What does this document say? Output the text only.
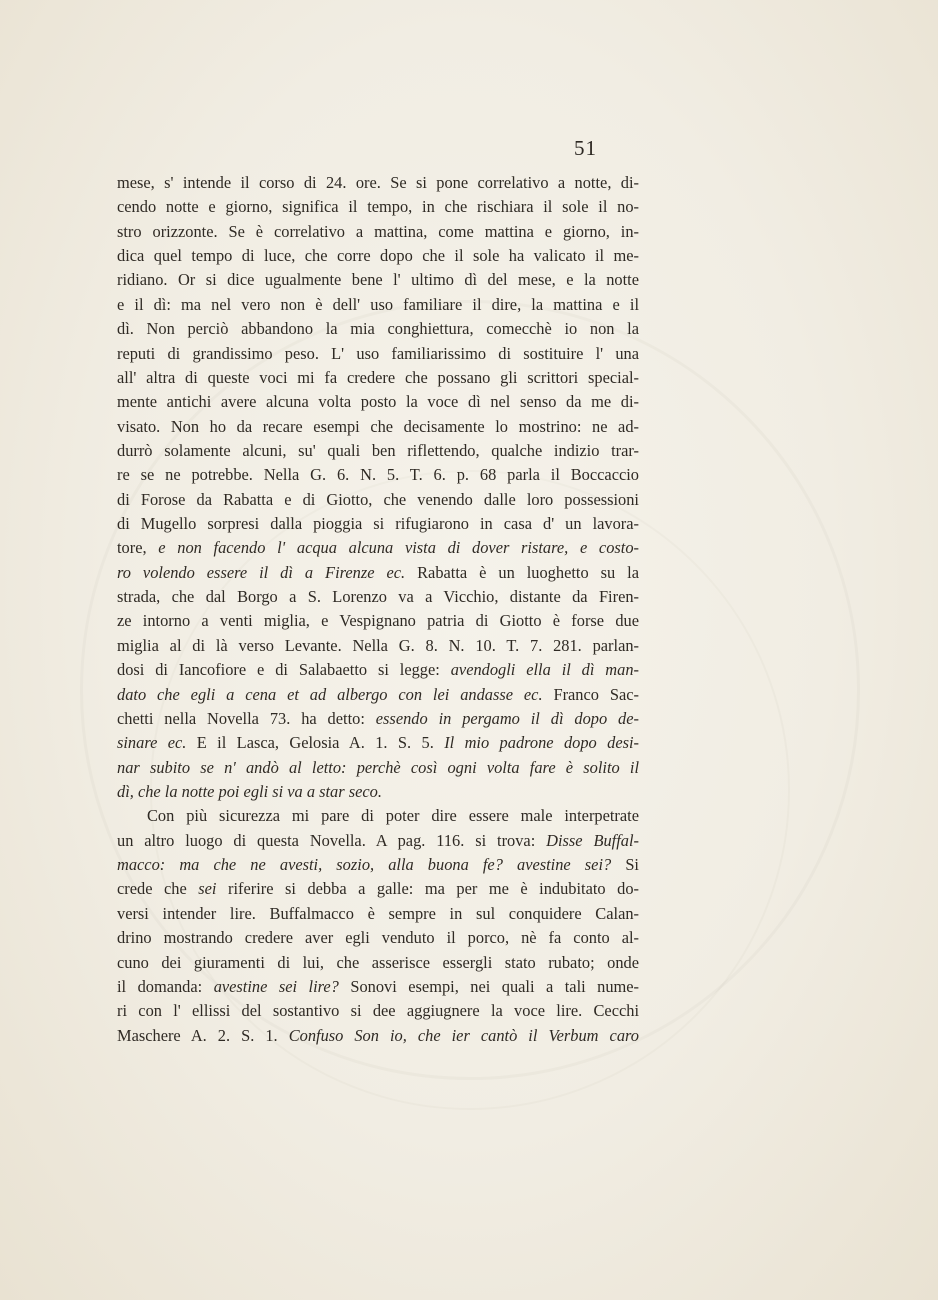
51
mese, s' intende il corso di 24. ore. Se si pone correlativo a notte, di-
cendo notte e giorno, significa il tempo, in che rischiara il sole il no-
stro orizzonte. Se è correlativo a mattina, come mattina e giorno, in-
dica quel tempo di luce, che corre dopo che il sole ha valicato il me-
ridiano. Or si dice ugualmente bene l' ultimo dì del mese, e la notte
e il dì: ma nel vero non è dell' uso familiare il dire, la mattina e il
dì. Non perciò abbandono la mia conghiettura, comecchè io non la
reputi di grandissimo peso. L' uso familiarissimo di sostituire l' una
all' altra di queste voci mi fa credere che possano gli scrittori special-
mente antichi avere alcuna volta posto la voce dì nel senso da me di-
visato. Non ho da recare esempi che decisamente lo mostrino: ne ad-
durrò solamente alcuni, su' quali ben riflettendo, qualche indizio trar-
re se ne potrebbe. Nella G. 6. N. 5. T. 6. p. 68 parla il Boccaccio
di Forose da Rabatta e di Giotto, che venendo dalle loro possessioni
di Mugello sorpresi dalla pioggia si rifugiarono in casa d' un lavora-
tore, e non facendo l' acqua alcuna vista di dover ristare, e costo-
ro volendo essere il dì a Firenze ec. Rabatta è un luoghetto su la
strada, che dal Borgo a S. Lorenzo va a Vicchio, distante da Firen-
ze intorno a venti miglia, e Vespignano patria di Giotto è forse due
miglia al di là verso Levante. Nella G. 8. N. 10. T. 7. 281. parlan-
dosi di Iancofiore e di Salabaetto si legge: avendogli ella il dì man-
dato che egli a cena et ad albergo con lei andasse ec. Franco Sac-
chetti nella Novella 73. ha detto: essendo in pergamo il dì dopo de-
sinare ec. E il Lasca, Gelosia A. 1. S. 5. Il mio padrone dopo desi-
nar subito se n' andò al letto: perchè così ogni volta fare è solito il
dì, che la notte poi egli si va a star seco.
Con più sicurezza mi pare di poter dire essere male interpetrate
un altro luogo di questa Novella. A pag. 116. si trova: Disse Buffal-
macco: ma che ne avesti, sozio, alla buona fe? avestine sei? Si
crede che sei riferire si debba a galle: ma per me è indubitato do-
versi intender lire. Buffalmacco è sempre in sul conquidere Calan-
drino mostrando credere aver egli venduto il porco, nè fa conto al-
cuno dei giuramenti di lui, che asserisce essergli stato rubato; onde
il domanda: avestine sei lire? Sonovi esempi, nei quali a tali nume-
ri con l' ellissi del sostantivo si dee aggiugnere la voce lire. Cecchi
Maschere A. 2. S. 1. Confuso Son io, che ier cantò il Verbum caro
